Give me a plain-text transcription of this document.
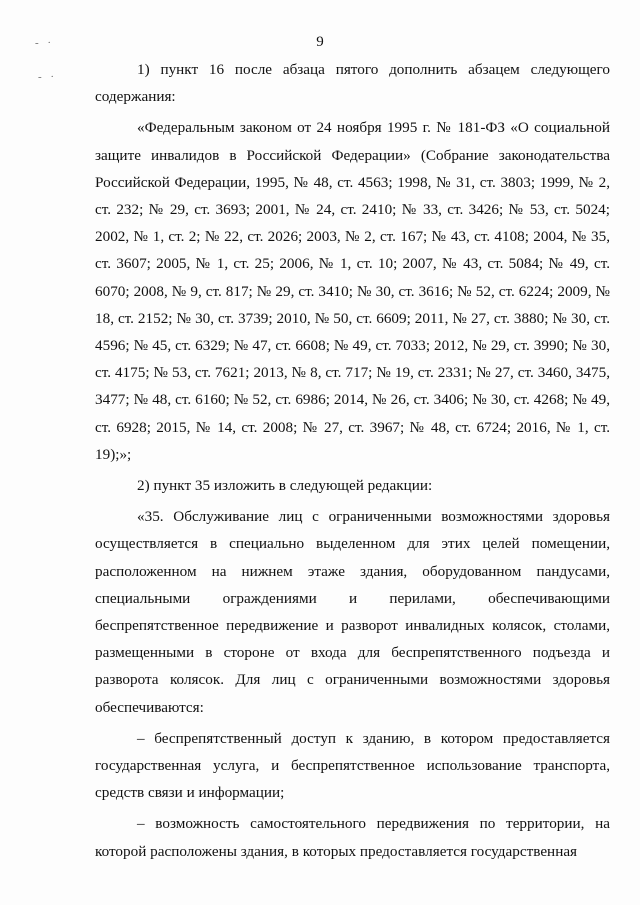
- ·
- ·
9

1) пункт 16 после абзаца пятого дополнить абзацем следующего содержания:

«Федеральным законом от 24 ноября 1995 г. № 181-ФЗ «О социальной защите инвалидов в Российской Федерации» (Собрание законодательства Российской Федерации, 1995, № 48, ст. 4563; 1998, № 31, ст. 3803; 1999, № 2, ст. 232; № 29, ст. 3693; 2001, № 24, ст. 2410; № 33, ст. 3426; № 53, ст. 5024; 2002, № 1, ст. 2; № 22, ст. 2026; 2003, № 2, ст. 167; № 43, ст. 4108; 2004, № 35, ст. 3607; 2005, № 1, ст. 25; 2006, № 1, ст. 10; 2007, № 43, ст. 5084; № 49, ст. 6070; 2008, № 9, ст. 817; № 29, ст. 3410; № 30, ст. 3616; № 52, ст. 6224; 2009, № 18, ст. 2152; № 30, ст. 3739; 2010, № 50, ст. 6609; 2011, № 27, ст. 3880; № 30, ст. 4596; № 45, ст. 6329; № 47, ст. 6608; № 49, ст. 7033; 2012, № 29, ст. 3990; № 30, ст. 4175; № 53, ст. 7621; 2013, № 8, ст. 717; № 19, ст. 2331; № 27, ст. 3460, 3475, 3477; № 48, ст. 6160; № 52, ст. 6986; 2014, № 26, ст. 3406; № 30, ст. 4268; № 49, ст. 6928; 2015, № 14, ст. 2008; № 27, ст. 3967; № 48, ст. 6724; 2016, № 1, ст. 19);»;

2) пункт 35 изложить в следующей редакции:

«35. Обслуживание лиц с ограниченными возможностями здоровья осуществляется в специально выделенном для этих целей помещении, расположенном на нижнем этаже здания, оборудованном пандусами, специальными ограждениями и перилами, обеспечивающими беспрепятственное передвижение и разворот инвалидных колясок, столами, размещенными в стороне от входа для беспрепятственного подъезда и разворота колясок. Для лиц с ограниченными возможностями здоровья обеспечиваются:

– беспрепятственный доступ к зданию, в котором предоставляется государственная услуга, и беспрепятственное использование транспорта, средств связи и информации;

– возможность самостоятельного передвижения по территории, на которой расположены здания, в которых предоставляется государственная
